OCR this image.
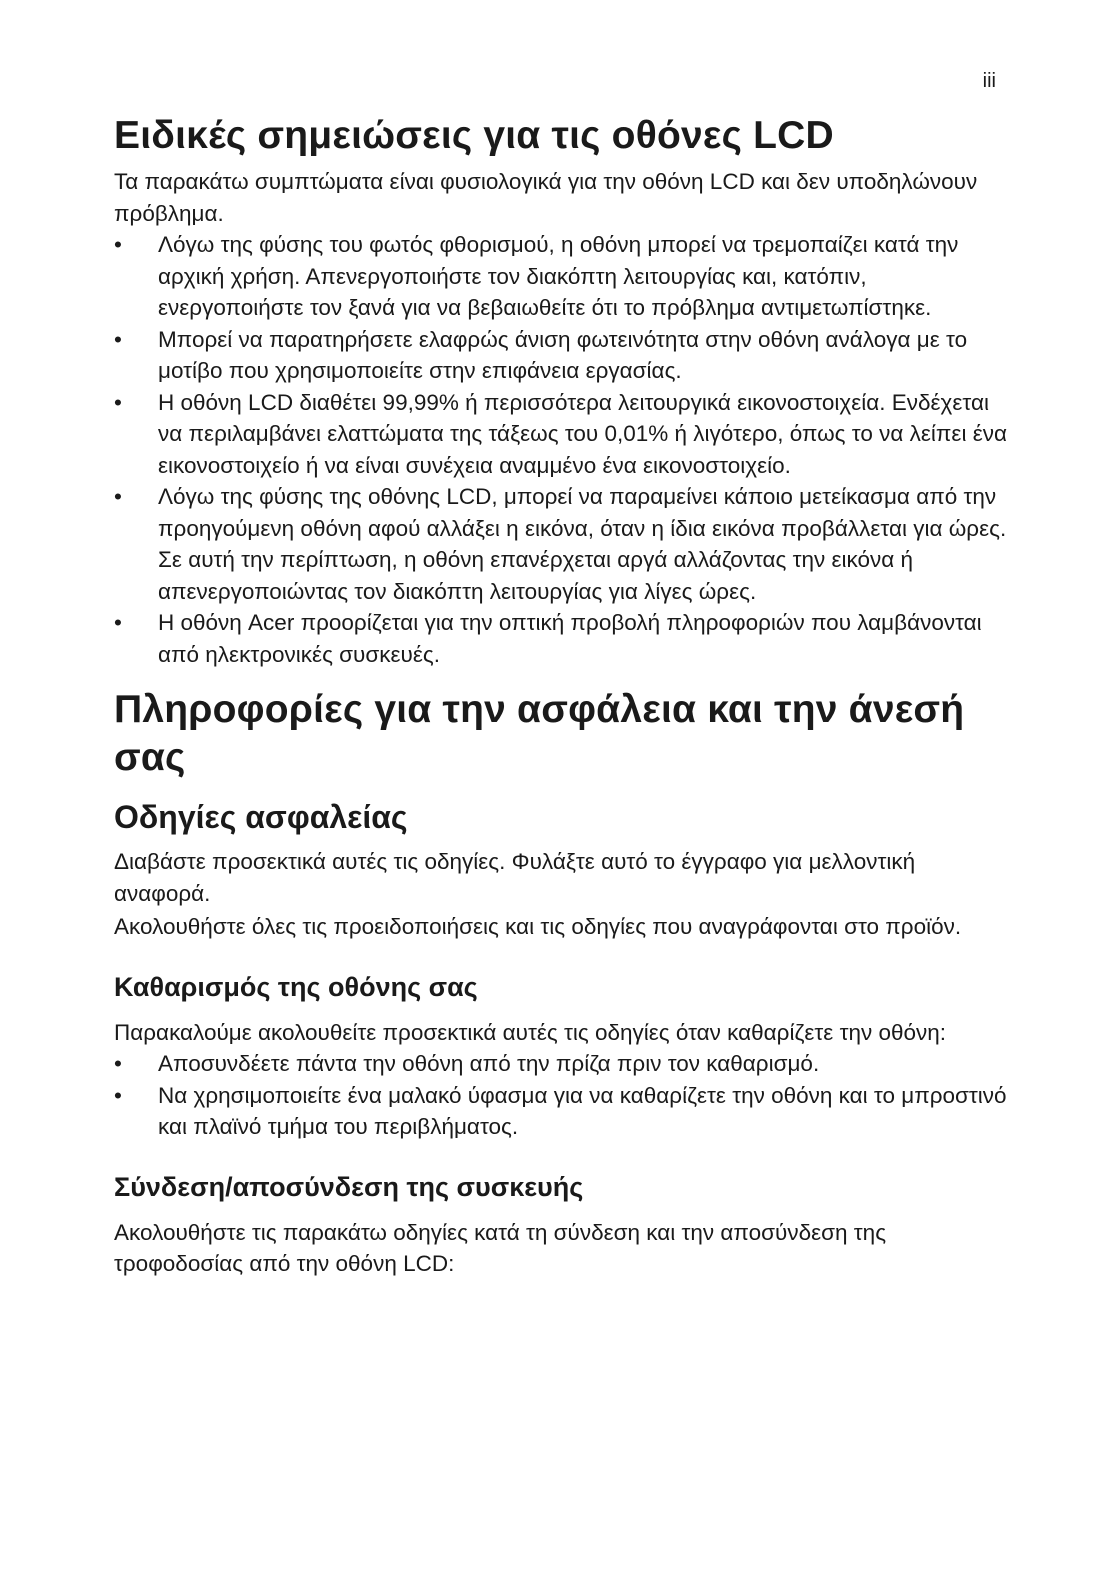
iii
Ειδικές σημειώσεις για τις οθόνες LCD

Τα παρακάτω συμπτώματα είναι φυσιολογικά για την οθόνη LCD και δεν υποδηλώνουν πρόβλημα.

• Λόγω της φύσης του φωτός φθορισμού, η οθόνη μπορεί να τρεμοπαίζει κατά την αρχική χρήση. Απενεργοποιήστε τον διακόπτη λειτουργίας και, κατόπιν, ενεργοποιήστε τον ξανά για να βεβαιωθείτε ότι το πρόβλημα αντιμετωπίστηκε.
• Μπορεί να παρατηρήσετε ελαφρώς άνιση φωτεινότητα στην οθόνη ανάλογα με το μοτίβο που χρησιμοποιείτε στην επιφάνεια εργασίας.
• Η οθόνη LCD διαθέτει 99,99% ή περισσότερα λειτουργικά εικονοστοιχεία. Ενδέχεται να περιλαμβάνει ελαττώματα της τάξεως του 0,01% ή λιγότερο, όπως το να λείπει ένα εικονοστοιχείο ή να είναι συνέχεια αναμμένο ένα εικονοστοιχείο.
• Λόγω της φύσης της οθόνης LCD, μπορεί να παραμείνει κάποιο μετείκασμα από την προηγούμενη οθόνη αφού αλλάξει η εικόνα, όταν η ίδια εικόνα προβάλλεται για ώρες. Σε αυτή την περίπτωση, η οθόνη επανέρχεται αργά αλλάζοντας την εικόνα ή απενεργοποιώντας τον διακόπτη λειτουργίας για λίγες ώρες.
• Η οθόνη Acer προορίζεται για την οπτική προβολή πληροφοριών που λαμβάνονται από ηλεκτρονικές συσκευές.
Πληροφορίες για την ασφάλεια και την άνεσή σας
Οδηγίες ασφαλείας

Διαβάστε προσεκτικά αυτές τις οδηγίες. Φυλάξτε αυτό το έγγραφο για μελλοντική αναφορά.

Ακολουθήστε όλες τις προειδοποιήσεις και τις οδηγίες που αναγράφονται στο προϊόν.

Καθαρισμός της οθόνης σας

Παρακαλούμε ακολουθείτε προσεκτικά αυτές τις οδηγίες όταν καθαρίζετε την οθόνη:

• Αποσυνδέετε πάντα την οθόνη από την πρίζα πριν τον καθαρισμό.
• Να χρησιμοποιείτε ένα μαλακό ύφασμα για να καθαρίζετε την οθόνη και το μπροστινό και πλαϊνό τμήμα του περιβλήματος.
Σύνδεση/αποσύνδεση της συσκευής

Ακολουθήστε τις παρακάτω οδηγίες κατά τη σύνδεση και την αποσύνδεση της τροφοδοσίας από την οθόνη LCD:
